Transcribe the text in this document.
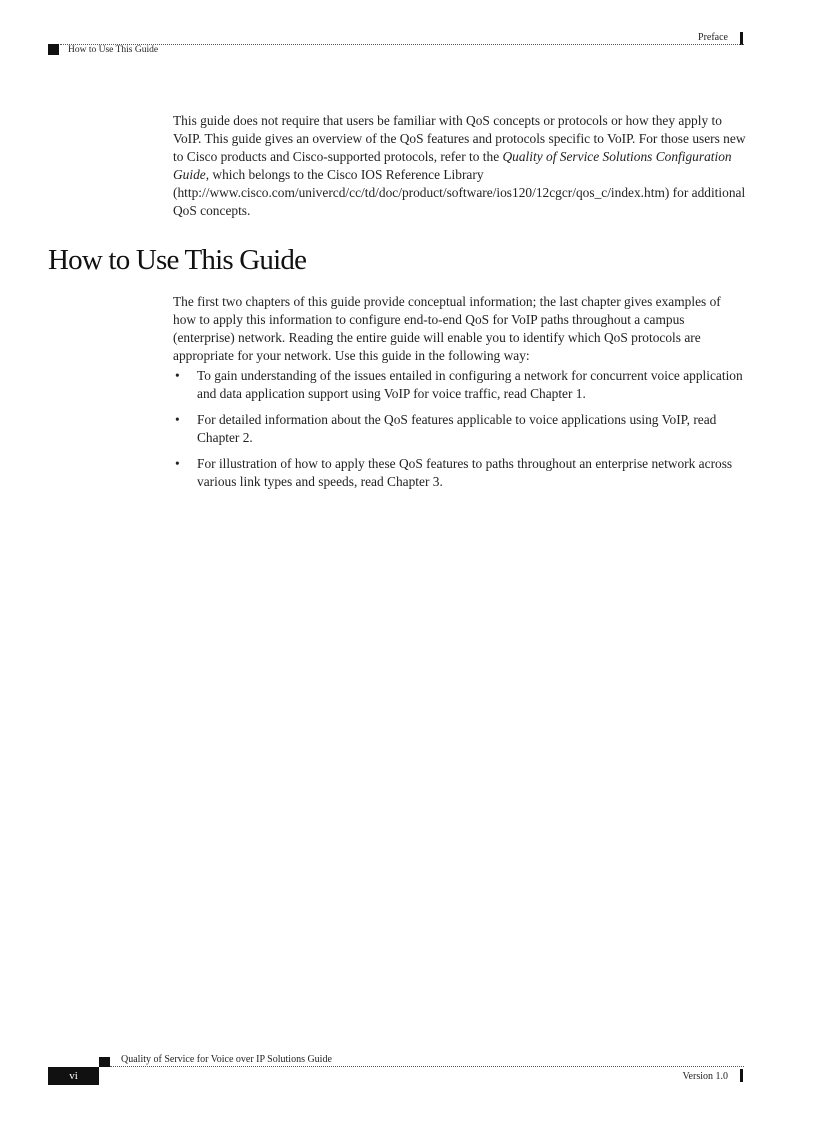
Preface
How to Use This Guide

This guide does not require that users be familiar with QoS concepts or protocols or how they apply to VoIP. This guide gives an overview of the QoS features and protocols specific to VoIP. For those users new to Cisco products and Cisco-supported protocols, refer to the Quality of Service Solutions Configuration Guide, which belongs to the Cisco IOS Reference Library (http://www.cisco.com/univercd/cc/td/doc/product/software/ios120/12cgcr/qos_c/index.htm) for additional QoS concepts.

How to Use This Guide

The first two chapters of this guide provide conceptual information; the last chapter gives examples of how to apply this information to configure end-to-end QoS for VoIP paths throughout a campus (enterprise) network. Reading the entire guide will enable you to identify which QoS protocols are appropriate for your network. Use this guide in the following way:

• To gain understanding of the issues entailed in configuring a network for concurrent voice application and data application support using VoIP for voice traffic, read Chapter 1.
• For detailed information about the QoS features applicable to voice applications using VoIP, read Chapter 2.
• For illustration of how to apply these QoS features to paths throughout an enterprise network across various link types and speeds, read Chapter 3.
Quality of Service for Voice over IP Solutions Guide
vi	Version 1.0
